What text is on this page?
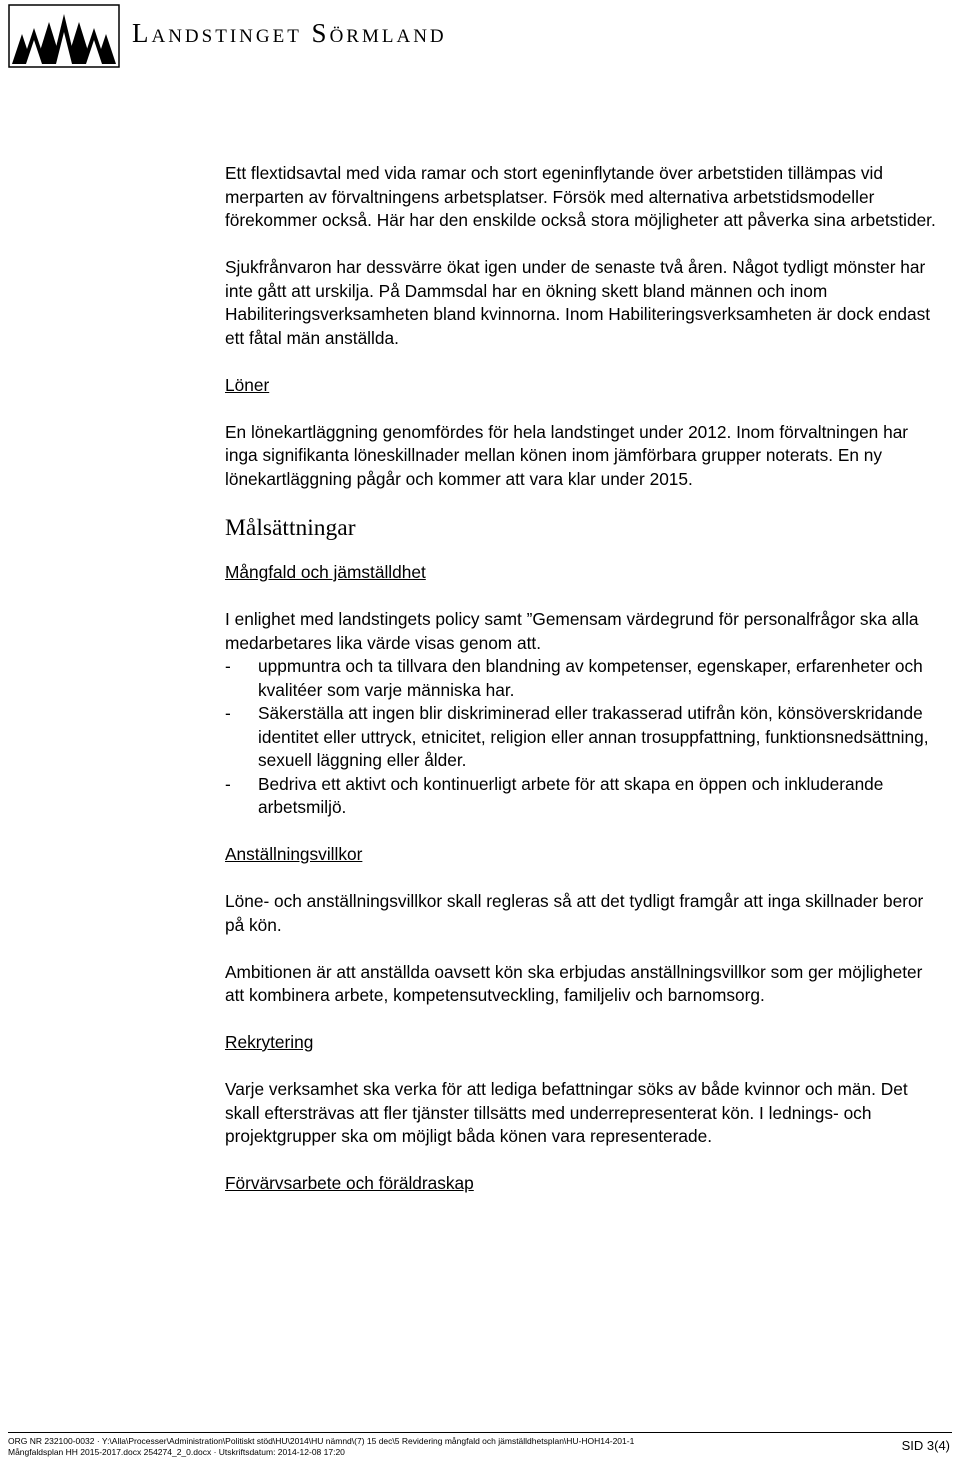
Landstinget Sörmland

Ett flextidsavtal med vida ramar och stort egeninflytande över arbetstiden tillämpas vid merparten av förvaltningens arbetsplatser. Försök med alternativa arbetstidsmodeller förekommer också. Här har den enskilde också stora möjligheter att påverka sina arbetstider.

Sjukfrånvaron har dessvärre ökat igen under de senaste två åren. Något tydligt mönster har inte gått att urskilja. På Dammsdal har en ökning skett bland männen och inom Habiliteringsverksamheten bland kvinnorna. Inom Habiliteringsverksamheten är dock endast ett fåtal män anställda.

Löner

En lönekartläggning genomfördes för hela landstinget under 2012. Inom förvaltningen har inga signifikanta löneskillnader mellan könen inom jämförbara grupper noterats. En ny lönekartläggning pågår och kommer att vara klar under 2015.

Målsättningar

Mångfald och jämställdhet

I enlighet med landstingets policy samt ”Gemensam värdegrund för personalfrågor ska alla medarbetares lika värde visas genom att.

- uppmuntra och ta tillvara den blandning av kompetenser, egenskaper, erfarenheter och kvalitéer som varje människa har.
- Säkerställa att ingen blir diskriminerad eller trakasserad utifrån kön, könsöverskridande identitet eller uttryck, etnicitet, religion eller annan trosuppfattning, funktionsnedsättning, sexuell läggning eller ålder.
- Bedriva ett aktivt och kontinuerligt arbete för att skapa en öppen och inkluderande arbetsmiljö.

Anställningsvillkor

Löne- och anställningsvillkor skall regleras så att det tydligt framgår att inga skillnader beror på kön.

Ambitionen är att anställda oavsett kön ska erbjudas anställningsvillkor som ger möjligheter att kombinera arbete, kompetensutveckling, familjeliv och barnomsorg.

Rekrytering

Varje verksamhet ska verka för att lediga befattningar söks av både kvinnor och män. Det skall eftersträvas att fler tjänster tillsätts med underrepresenterat kön. I lednings- och projektgrupper ska om möjligt båda könen vara representerade.

Förvärvsarbete och föräldraskap

ORG NR 232100-0032 · Y:\Alla\Processer\Administration\Politiskt stöd\HU\2014\HU nämnd\(7) 15 dec\5 Revidering mångfald och jämställdhetsplan\HU-HOH14-201-1
Mångfaldsplan HH 2015-2017.docx 254274_2_0.docx · Utskriftsdatum: 2014-12-08 17:20	SID 3(4)
